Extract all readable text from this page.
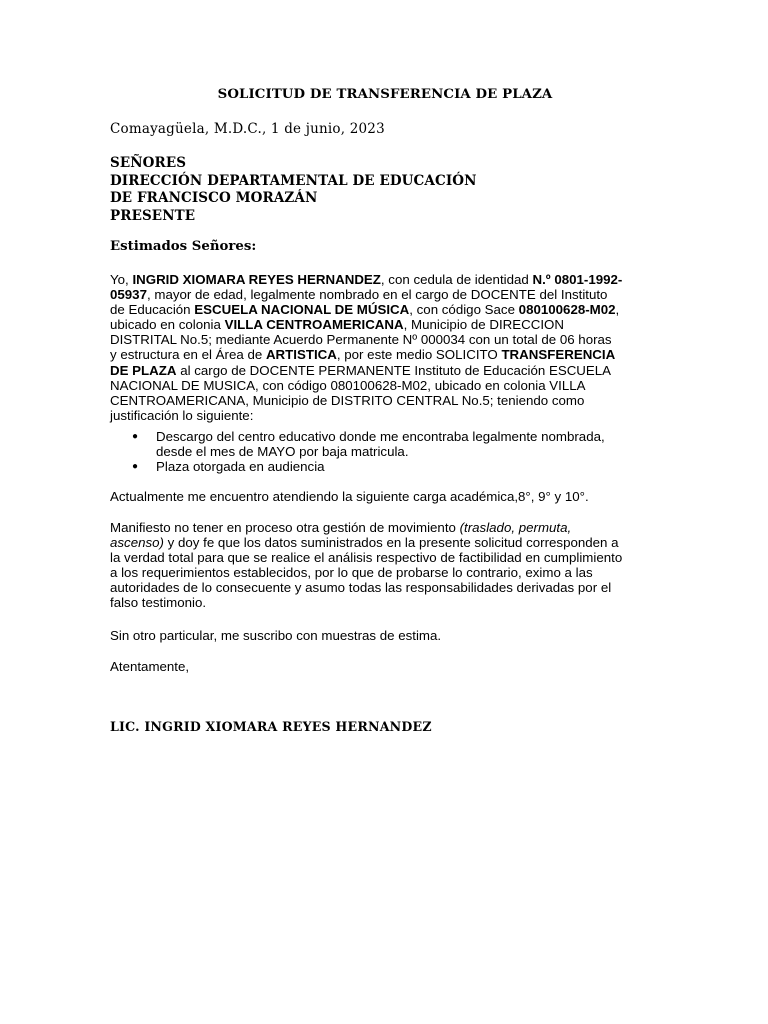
SOLICITUD DE TRANSFERENCIA DE PLAZA
Comayagüela, M.D.C., 1 de junio, 2023
SEÑORES
DIRECCIÓN DEPARTAMENTAL DE EDUCACIÓN
DE FRANCISCO MORAZÁN
PRESENTE
Estimados Señores:
Yo, INGRID XIOMARA REYES HERNANDEZ, con cedula de identidad N.º 0801-1992-
05937, mayor de edad, legalmente nombrado en el cargo de DOCENTE del Instituto
de Educación ESCUELA NACIONAL DE MÚSICA, con código Sace 080100628-M02,
ubicado en colonia VILLA CENTROAMERICANA, Municipio de DIRECCION
DISTRITAL No.5; mediante Acuerdo Permanente Nº 000034 con un total de 06 horas
y estructura en el Área de ARTISTICA, por este medio SOLICITO TRANSFERENCIA
DE PLAZA al cargo de DOCENTE PERMANENTE Instituto de Educación ESCUELA
NACIONAL DE MUSICA, con código 080100628-M02, ubicado en colonia VILLA
CENTROAMERICANA, Municipio de DISTRITO CENTRAL No.5; teniendo como
justificación lo siguiente:
● Descargo del centro educativo donde me encontraba legalmente nombrada,
desde el mes de MAYO por baja matricula.
● Plaza otorgada en audiencia
Actualmente me encuentro atendiendo la siguiente carga académica,8°, 9° y 10°.
Manifiesto no tener en proceso otra gestión de movimiento (traslado, permuta,
ascenso) y doy fe que los datos suministrados en la presente solicitud corresponden a
la verdad total para que se realice el análisis respectivo de factibilidad en cumplimiento
a los requerimientos establecidos, por lo que de probarse lo contrario, eximo a las
autoridades de lo consecuente y asumo todas las responsabilidades derivadas por el
falso testimonio.
Sin otro particular, me suscribo con muestras de estima.
Atentamente,
LIC. INGRID XIOMARA REYES HERNANDEZ
